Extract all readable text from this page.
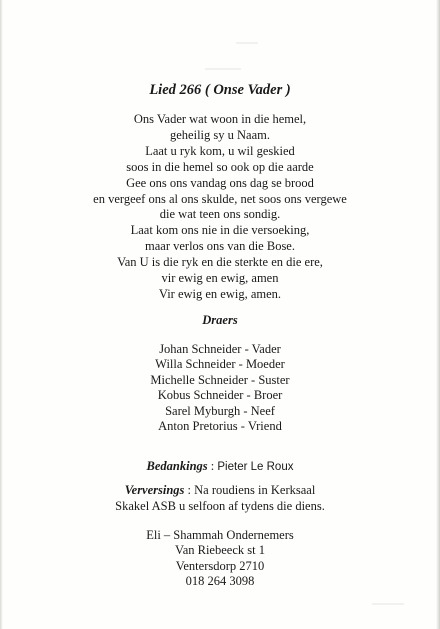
Lied 266 ( Onse Vader )
Ons Vader wat woon in die hemel,
geheilig sy u Naam.
Laat u ryk kom, u wil geskied
soos in die hemel so ook op die aarde
Gee ons ons vandag ons dag se brood
en vergeef ons al ons skulde, net soos ons vergewe
die wat teen ons sondig.
Laat kom ons nie in die versoeking,
maar verlos ons van die Bose.
Van U is die ryk en die sterkte en die ere,
vir ewig en ewig, amen
Vir ewig en ewig, amen.
Draers
Johan Schneider - Vader
Willa Schneider - Moeder
Michelle Schneider - Suster
Kobus Schneider - Broer
Sarel Myburgh - Neef
Anton Pretorius - Vriend
Bedankings : Pieter Le Roux
Verversings : Na roudiens in Kerksaal
Skakel ASB u selfoon af tydens die diens.
Eli – Shammah Ondernemers
Van Riebeeck st 1
Ventersdorp 2710
018 264 3098
